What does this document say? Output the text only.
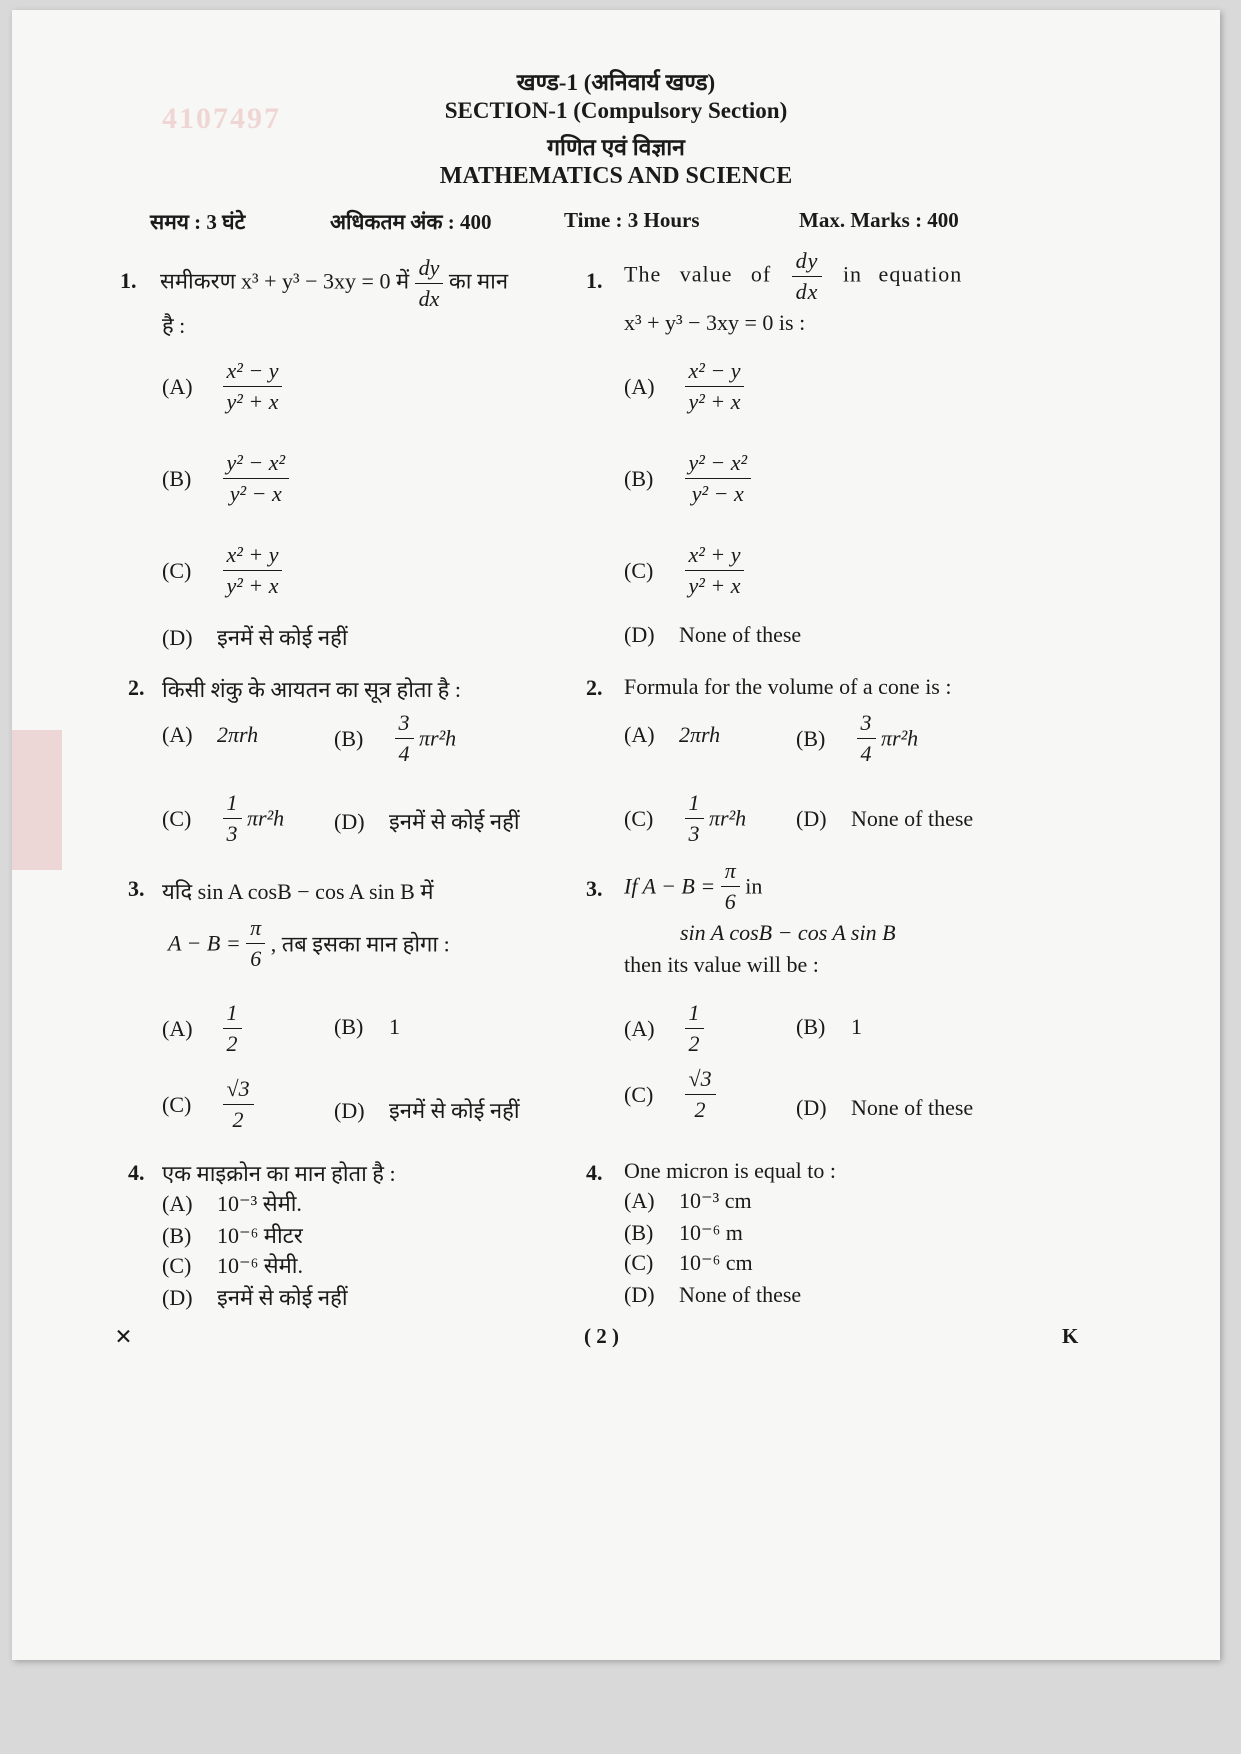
4107497
खण्ड-1 (अनिवार्य खण्ड)
SECTION-1 (Compulsory Section)
गणित एवं विज्ञान
MATHEMATICS AND SCIENCE
समय : 3 घंटे	अधिकतम अंक : 400	Time : 3 Hours	Max. Marks : 400
1. समीकरण x³ + y³ − 3xy = 0 में $\frac{dy}{dx}$ का मान
है :
$(A) \frac{\text{x² − y}}{\text{y² + x}}$
$(B) \frac{\text{y² − x²}}{\text{y² − x}}$
$(C) \frac{\text{x² + y}}{\text{y² + x}}$
(D) इनमें से कोई नहीं
1. The value of $\frac{dy}{dx}$ in equation
x³ + y³ − 3xy = 0 is :
$(A) \frac{\text{x² − y}}{\text{y² + x}}$
$(B) \frac{\text{y² − x²}}{\text{y² − x}}$
$(C) \frac{\text{x² + y}}{\text{y² + x}}$
(D) None of these
2. किसी शंकु के आयतन का सूत्र होता है :	2. Formula for the volume of a cone is :
(A) 2πrh	$(B) \frac{3}{4} \pi r^2h$
$(C) \frac{1}{3} \pi r^2h$ (D) इनमें से कोई नहीं
(A) 2πrh	$(B) \frac{3}{4} \pi r^2h$
$(C) \frac{1}{3} \pi r^2h$ (D) None of these
3. यदि sin A cosB − cos A sin B में
$A - B = \frac{\pi}{6}$ , तब इसका मान होगा :
3. If $A - B = \frac{\pi}{6}$ in
sin A cosB − cos A sin B
then its value will be :
$(A) \frac{1}{2}$	(B) 1
$(C) \frac{√3}{2}$	(D) इनमें से कोई नहीं
$(A) \frac{1}{2}$	(B) 1
$(C) \frac{√3}{2}$	(D) None of these
4. एक माइक्रोन का मान होता है :	4. One micron is equal to :
(A) 10⁻³ सेमी.
(B) 10⁻⁶ मीटर
(C) 10⁻⁶ सेमी.
(D) इनमें से कोई नहीं
(A) 10⁻³ cm
(B) 10⁻⁶ m
(C) 10⁻⁶ cm
(D) None of these
×	( 2 )	K
